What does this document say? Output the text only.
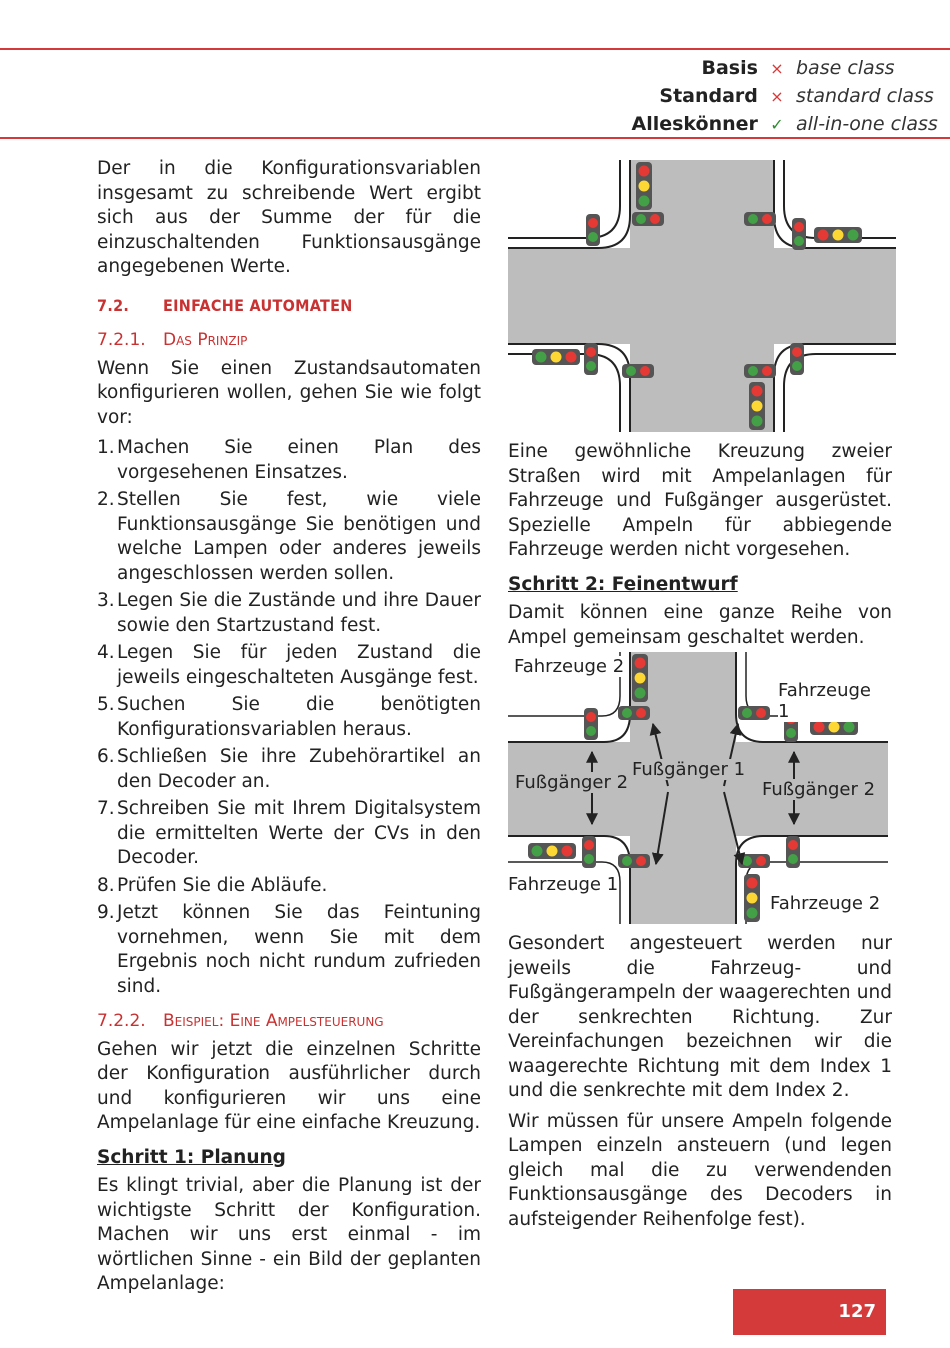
Basis × base class
Standard × standard class
Alleskönner ✓ all-in-one class

Der in die Konfigurationsvariablen insgesamt zu schreibende Wert ergibt sich aus der Summe der für die einzuschaltenden Funktionsausgänge angegebenen Werte.

7.2. EINFACHE AUTOMATEN
7.2.1. Das Prinzip

Wenn Sie einen Zustandsautomaten konfigurieren wollen, gehen Sie wie folgt vor:

1. Machen Sie einen Plan des vorgesehenen Einsatzes.
2. Stellen Sie fest, wie viele Funktionsausgänge Sie benötigen und welche Lampen oder anderes jeweils angeschlossen werden sollen.
3. Legen Sie die Zustände und ihre Dauer sowie den Startzustand fest.
4. Legen Sie für jeden Zustand die jeweils eingeschalteten Ausgänge fest.
5. Suchen Sie die benötigten Konfigurationsvariablen heraus.
6. Schließen Sie ihre Zubehörartikel an den Decoder an.
7. Schreiben Sie mit Ihrem Digitalsystem die ermittelten Werte der CVs in den Decoder.
8. Prüfen Sie die Abläufe.
9. Jetzt können Sie das Feintuning vornehmen, wenn Sie mit dem Ergebnis noch nicht rundum zufrieden sind.
7.2.2. Beispiel: Eine Ampelsteuerung

Gehen wir jetzt die einzelnen Schritte der Konfiguration ausführlicher durch und konfigurieren wir uns eine Ampelanlage für eine einfache Kreuzung.

Schritt 1: Planung

Es klingt trivial, aber die Planung ist der wichtigste Schritt der Konfiguration. Machen wir uns erst einmal - im wörtlichen Sinne - ein Bild der geplanten Ampelanlage:

Eine gewöhnliche Kreuzung zweier Straßen wird mit Ampelanlagen für Fahrzeuge und Fußgänger ausgerüstet. Spezielle Ampeln für abbiegende Fahrzeuge werden nicht vorgesehen.

Schritt 2: Feinentwurf

Damit können eine ganze Reihe von Ampel gemeinsam geschaltet werden.

Fahrzeuge 2
Fahrzeuge 1
Fußgänger 2
Fußgänger 1
Fußgänger 2
Fahrzeuge 1
Fahrzeuge 2

Gesondert angesteuert werden nur jeweils die Fahrzeug- und Fußgängerampeln der waagerechten und der senkrechten Richtung. Zur Vereinfachungen bezeichnen wir die waagerechte Richtung mit dem Index 1 und die senkrechte mit dem Index 2.

Wir müssen für unsere Ampeln folgende Lampen einzeln ansteuern (und legen gleich mal die zu verwendenden Funktionsausgänge des Decoders in aufsteigender Reihenfolge fest).

127
